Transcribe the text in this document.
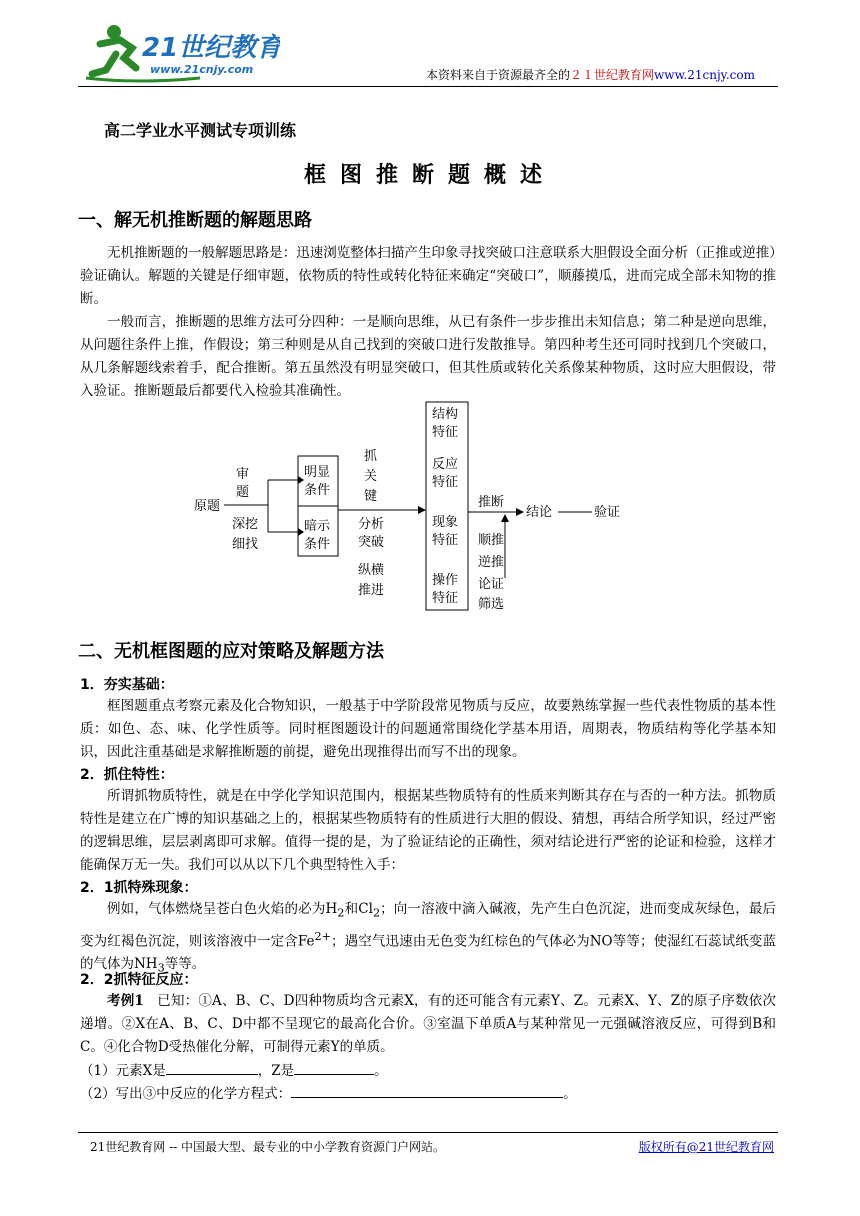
21世纪教育
www.21cnjy.com	本资料来自于资源最齐全的２１世纪教育网www.21cnjy.com
高二学业水平测试专项训练
框图推断题概述
一、解无机推断题的解题思路
无机推断题的一般解题思路是：迅速浏览整体扫描产生印象寻找突破口注意联系大胆假设全面分析（正推或逆推）验证确认。解题的关键是仔细审题，依物质的特性或转化特征来确定“突破口”，顺藤摸瓜，进而完成全部未知物的推断。
一般而言，推断题的思维方法可分四种：一是顺向思维，从已有条件一步步推出未知信息；第二种是逆向思维，从问题往条件上推，作假设；第三种则是从自己找到的突破口进行发散推导。第四种考生还可同时找到几个突破口，从几条解题线索着手，配合推断。第五虽然没有明显突破口，但其性质或转化关系像某种物质，这时应大胆假设，带入验证。推断题最后都要代入检验其准确性。
原题
审
题
深挖
细找
明显
条件
暗示
条件
抓
关
键
分析
突破
纵横
推进
结构
特征
反应
特征
现象
特征
操作
特征
推断
结论	验证
顺推
逆推
论证
筛选
二、无机框图题的应对策略及解题方法
1．夯实基础：
框图题重点考察元素及化合物知识，一般基于中学阶段常见物质与反应，故要熟练掌握一些代表性物质的基本性质：如色、态、味、化学性质等。同时框图题设计的问题通常围绕化学基本用语，周期表，物质结构等化学基本知识，因此注重基础是求解推断题的前提，避免出现推得出而写不出的现象。
2．抓住特性：
所谓抓物质特性，就是在中学化学知识范围内，根据某些物质特有的性质来判断其存在与否的一种方法。抓物质特性是建立在广博的知识基础之上的，根据某些物质特有的性质进行大胆的假设、猜想，再结合所学知识，经过严密的逻辑思维，层层剥离即可求解。值得一提的是，为了验证结论的正确性，须对结论进行严密的论证和检验，这样才能确保万无一失。我们可以从以下几个典型特性入手：
2．1抓特殊现象：
例如，气体燃烧呈苍白色火焰的必为$H_2$和$Cl_2$；向一溶液中滴入碱液，先产生白色沉淀，进而变成灰绿色，最后变为红褐色沉淀，则该溶液中一定含$Fe^{2+}$；遇空气迅速由无色变为红棕色的气体必为NO等等；使湿红石蕊试纸变蓝的气体为$NH_3$等等。
2．2抓特征反应：
考例1 已知：①A、B、C、D四种物质均含元素X，有的还可能含有元素Y、Z。元素X、Y、Z的原子序数依次递增。②X在A、B、C、D中都不呈现它的最高化合价。③室温下单质A与某种常见一元强碱溶液反应，可得到B和C。④化合物D受热催化分解，可制得元素Y的单质。
（1）元素X是	，Z是	。
（2）写出③中反应的化学方程式：	。
21世纪教育网 -- 中国最大型、最专业的中小学教育资源门户网站。	版权所有@21世纪教育网
